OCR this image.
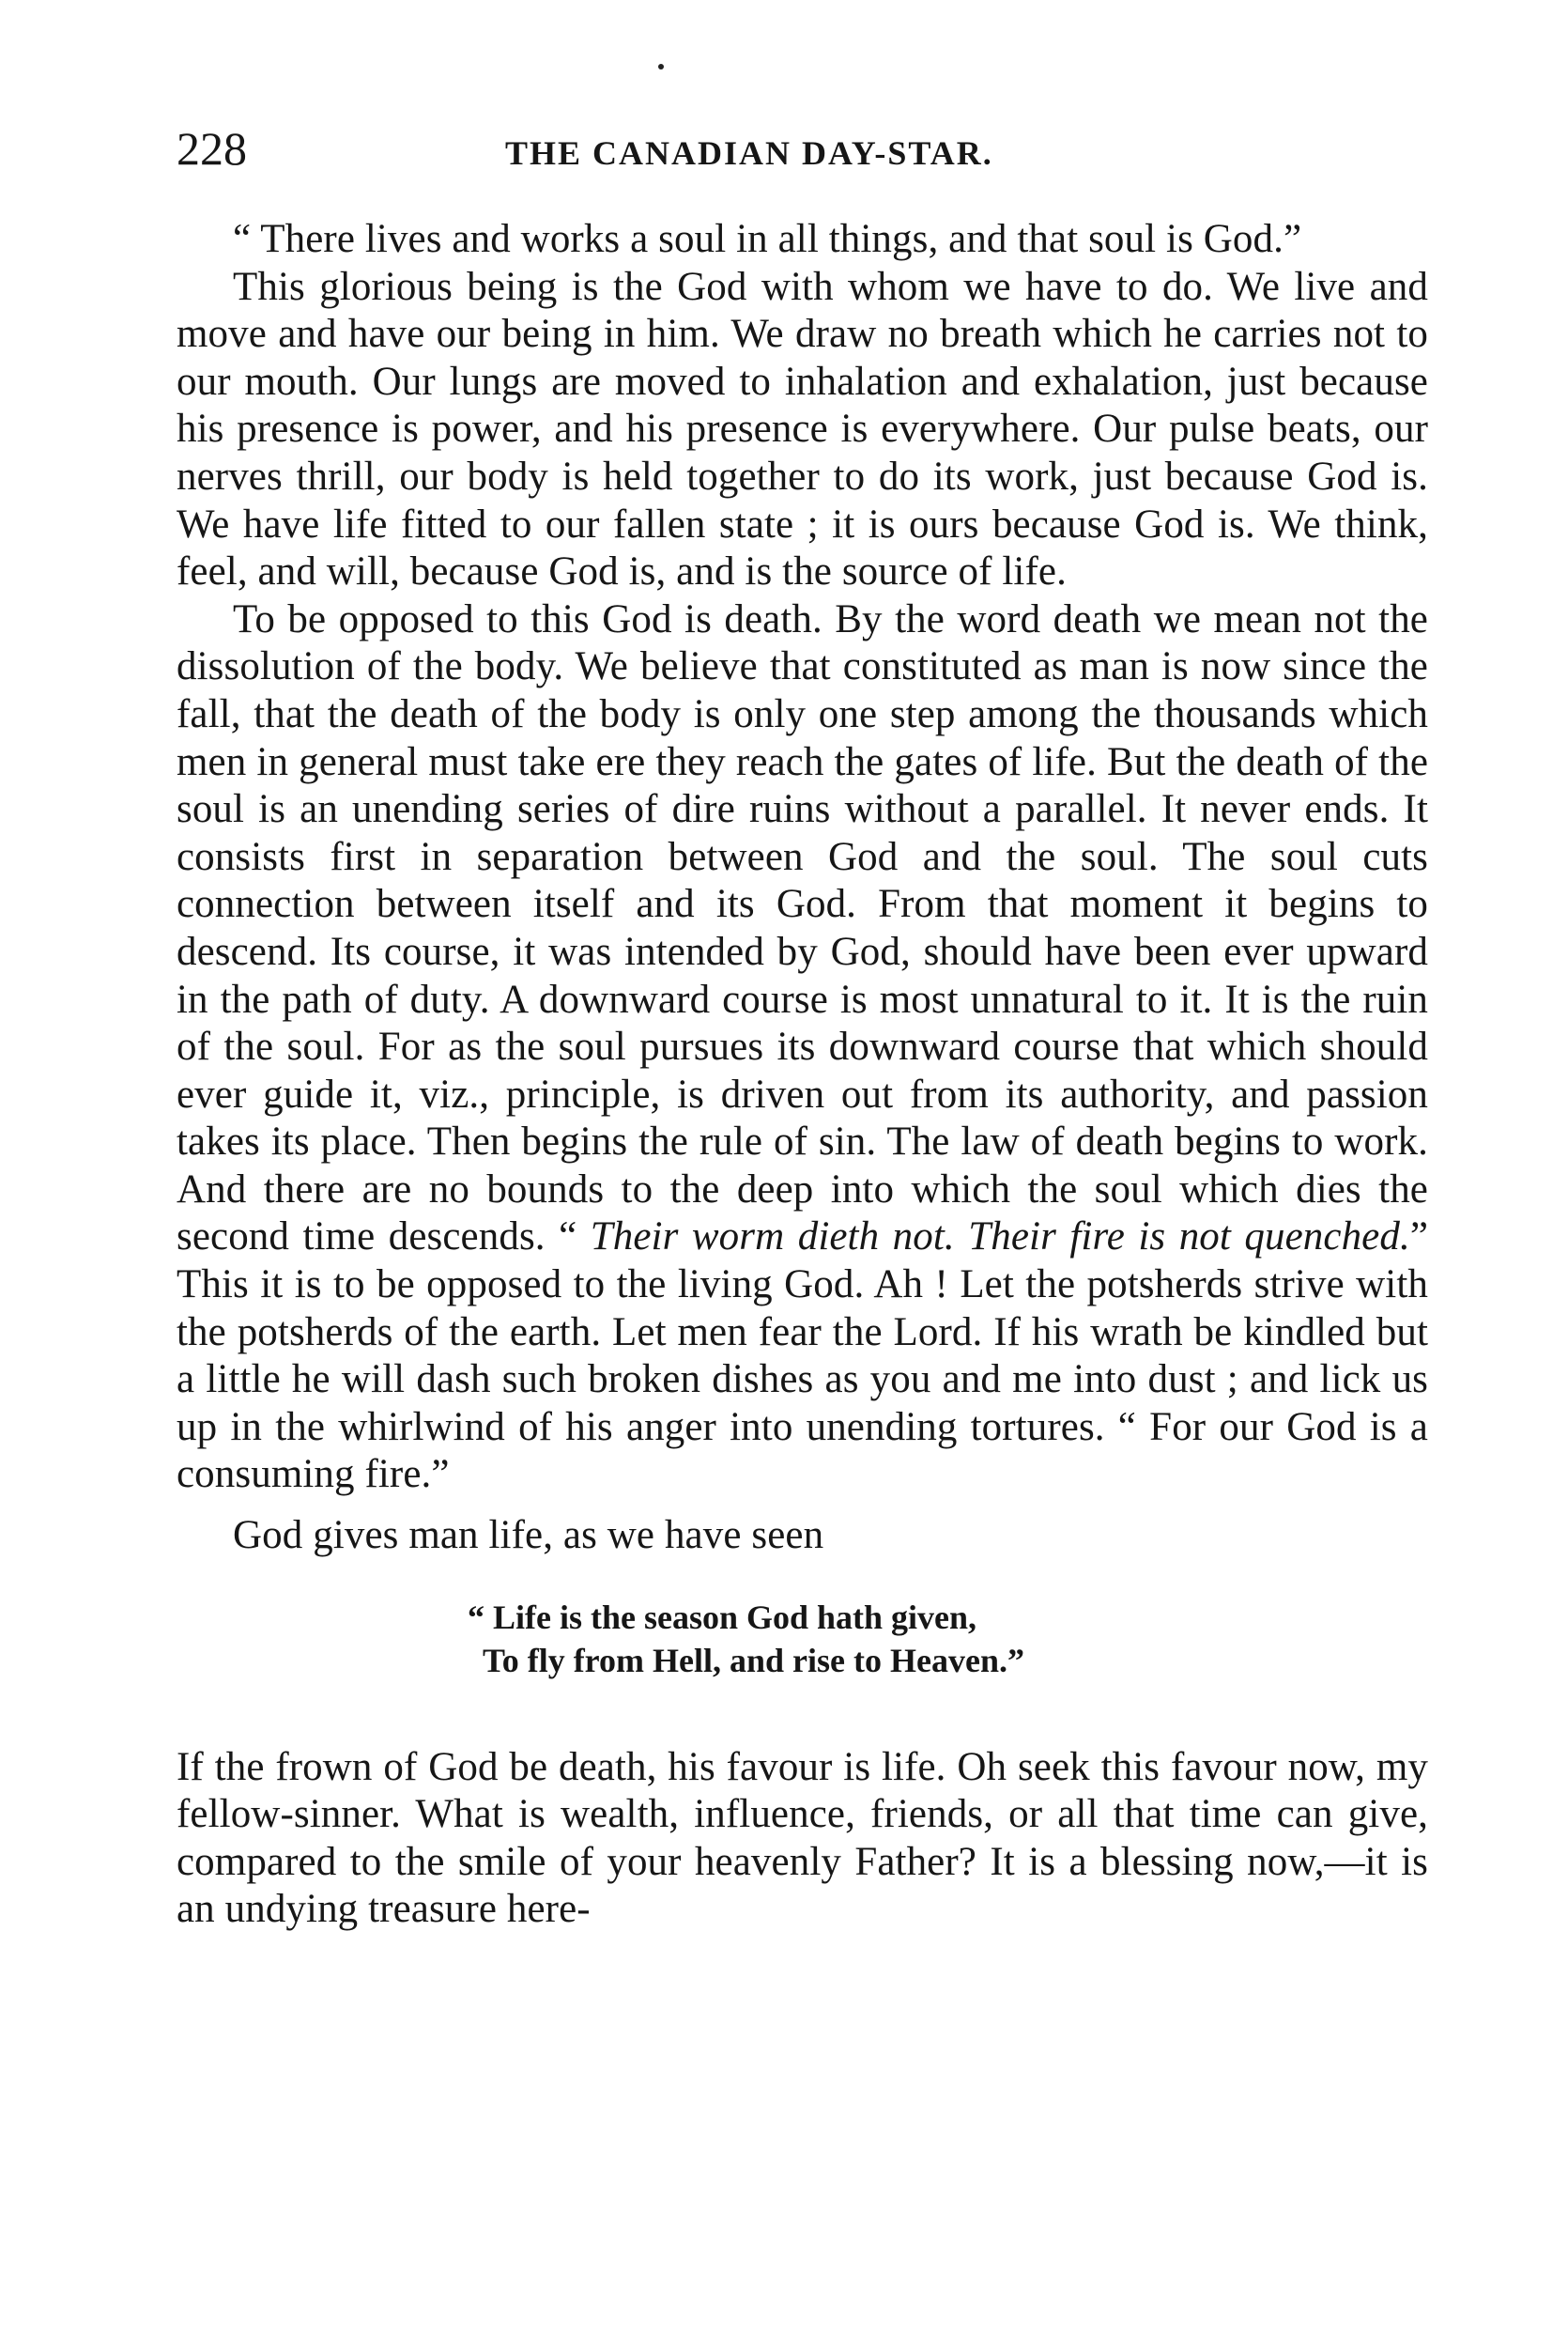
228	THE CANADIAN DAY-STAR.

“ There lives and works a soul in all things, and that soul is God.”

This glorious being is the God with whom we have to do. We live and move and have our being in him. We draw no breath which he carries not to our mouth. Our lungs are moved to inhalation and exhalation, just because his presence is power, and his presence is everywhere. Our pulse beats, our nerves thrill, our body is held together to do its work, just because God is. We have life fitted to our fallen state ; it is ours because God is. We think, feel, and will, because God is, and is the source of life.

To be opposed to this God is death. By the word death we mean not the dissolution of the body. We believe that constituted as man is now since the fall, that the death of the body is only one step among the thousands which men in general must take ere they reach the gates of life. But the death of the soul is an unending series of dire ruins without a parallel. It never ends. It consists first in separation between God and the soul. The soul cuts connection between itself and its God. From that moment it begins to descend. Its course, it was intended by God, should have been ever upward in the path of duty. A downward course is most unnatural to it. It is the ruin of the soul. For as the soul pursues its downward course that which should ever guide it, viz., principle, is driven out from its authority, and passion takes its place. Then begins the rule of sin. The law of death begins to work. And there are no bounds to the deep into which the soul which dies the second time descends. “ Their worm dieth not. Their fire is not quenched.” This it is to be opposed to the living God. Ah ! Let the potsherds strive with the potsherds of the earth. Let men fear the Lord. If his wrath be kindled but a little he will dash such broken dishes as you and me into dust ; and lick us up in the whirlwind of his anger into unending tortures. “ For our God is a consuming fire.”

God gives man life, as we have seen

“ Life is the season God hath given,
To fly from Hell, and rise to Heaven.”

If the frown of God be death, his favour is life. Oh seek this favour now, my fellow-sinner. What is wealth, influence, friends, or all that time can give, compared to the smile of your heavenly Father? It is a blessing now,—it is an undying treasure here-
